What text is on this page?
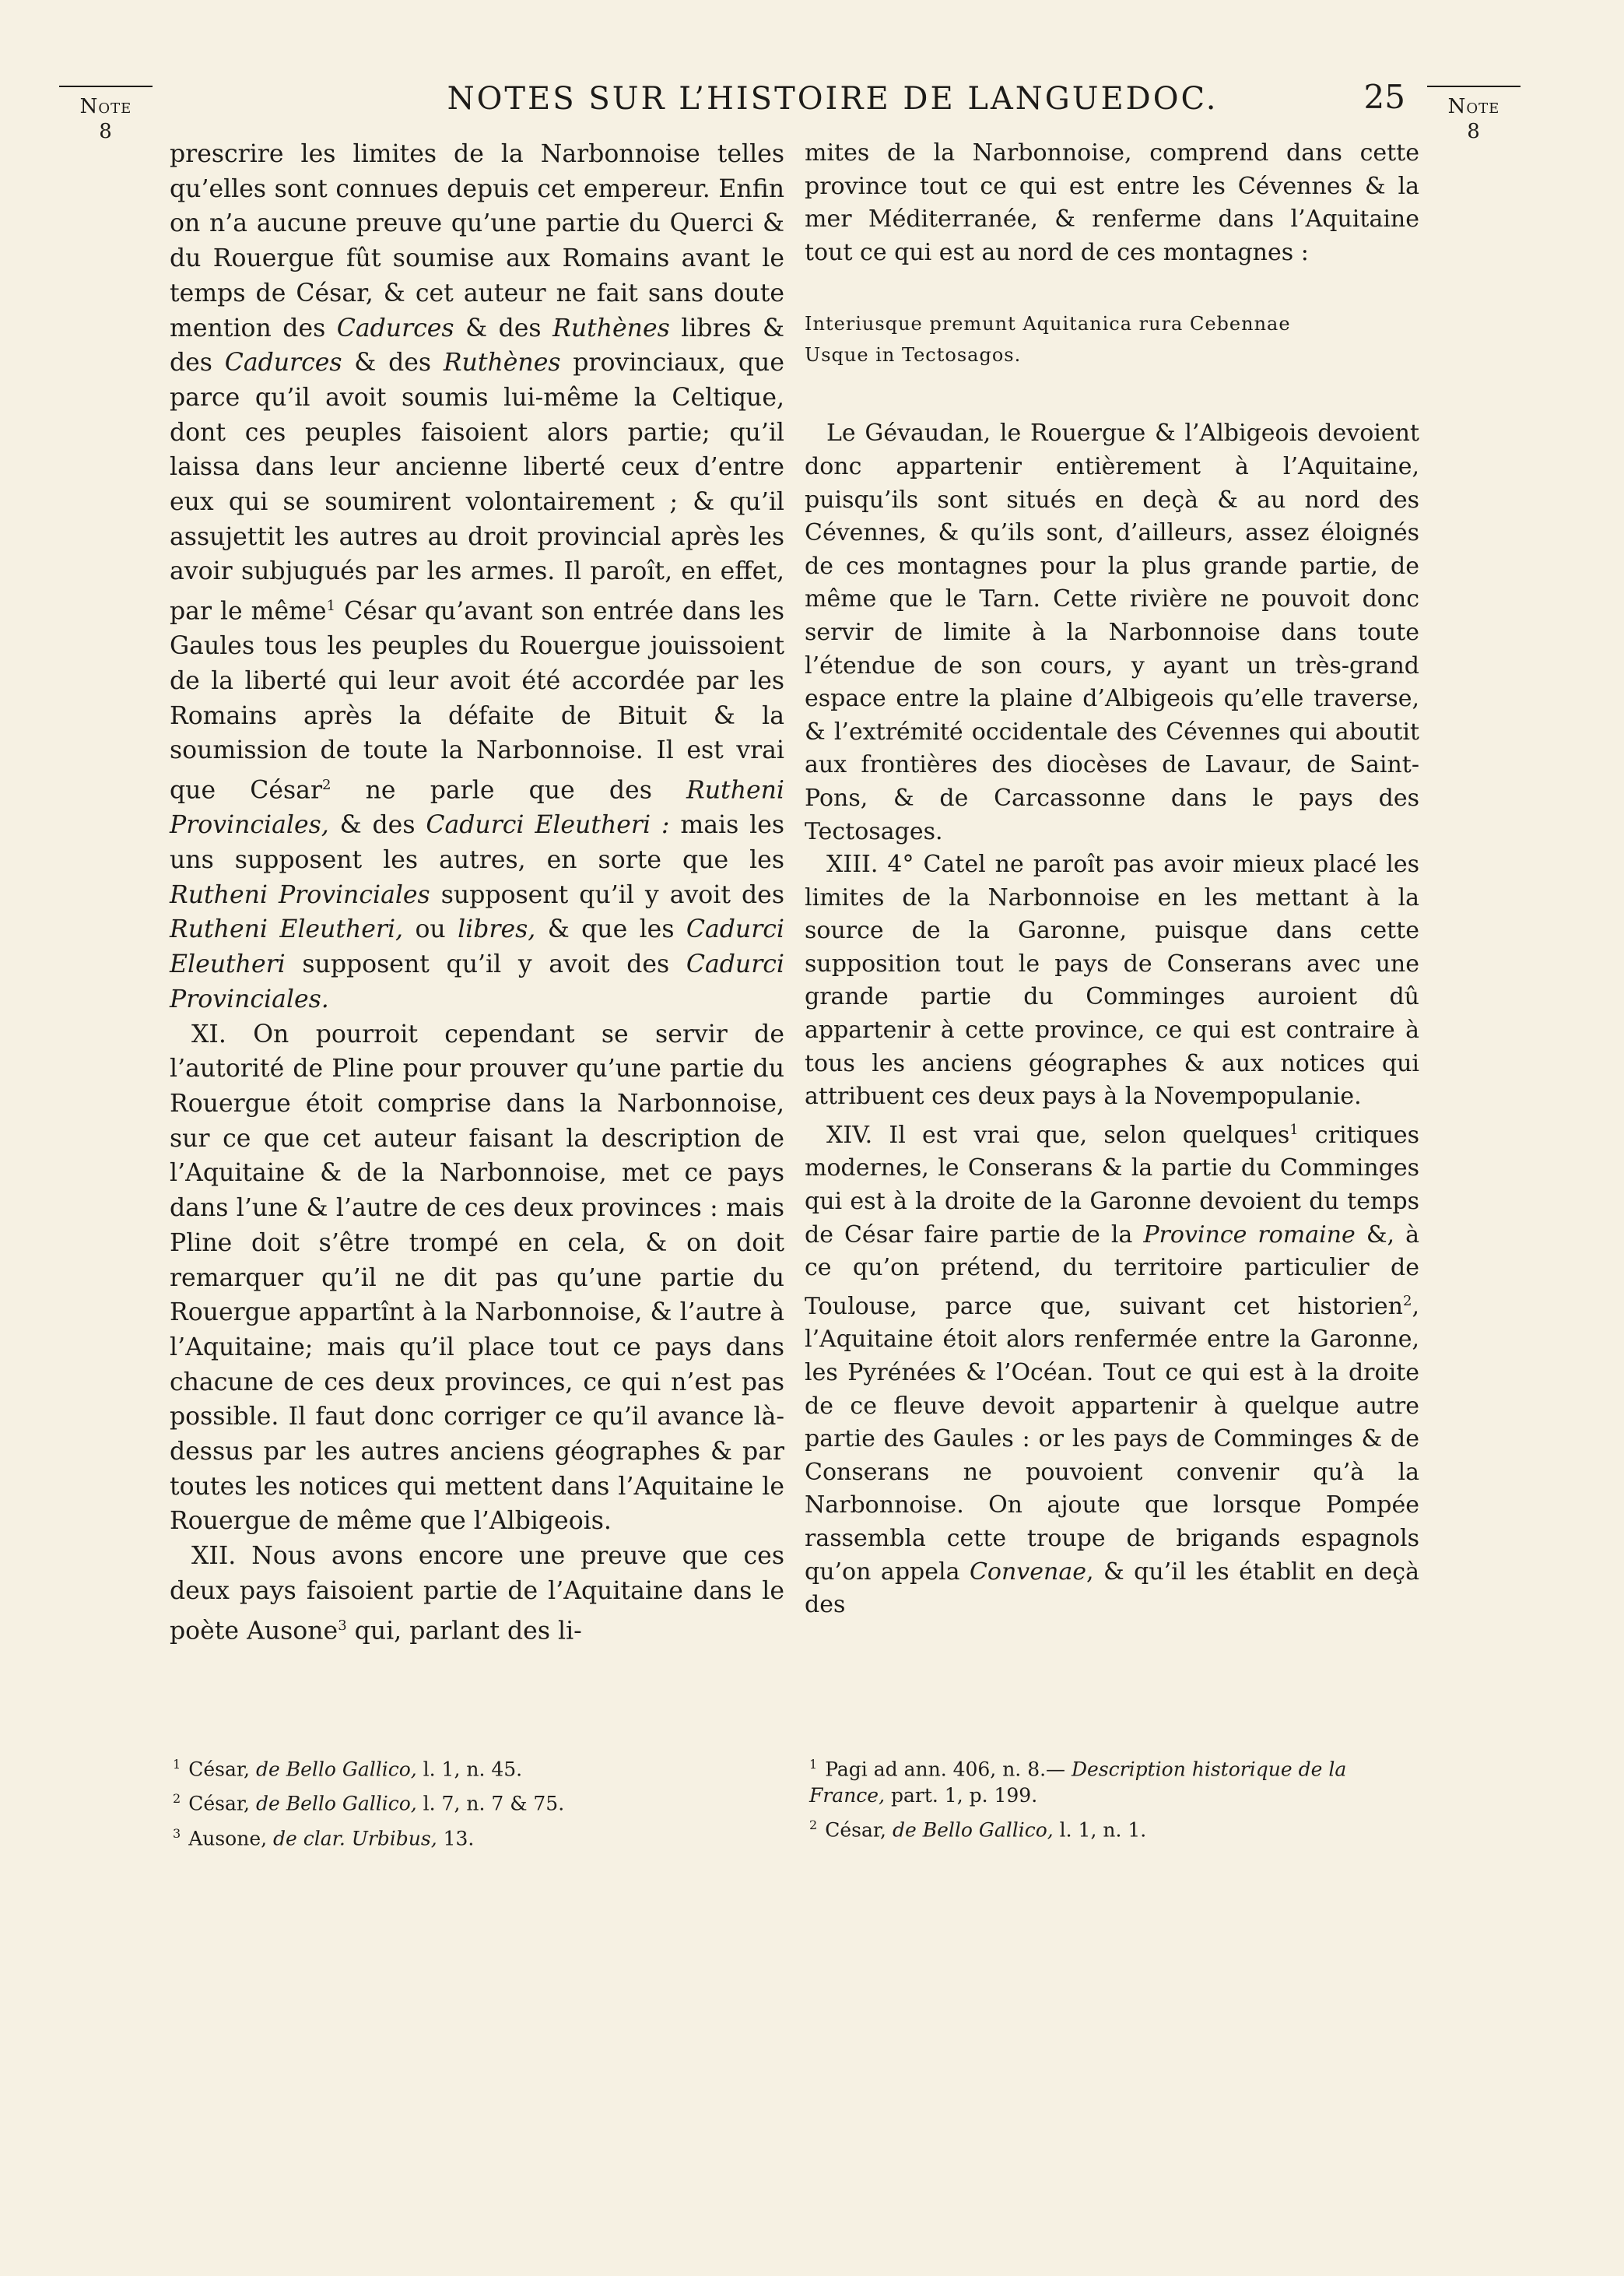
Note
8
NOTES SUR L’HISTOIRE DE LANGUEDOC.	25	Note
8

prescrire les limites de la Narbonnoise telles qu’elles sont connues depuis cet empereur. Enfin on n’a aucune preuve qu’une partie du Querci & du Rouergue fût soumise aux Romains avant le temps de César, & cet auteur ne fait sans doute mention des Cadurces & des Ruthènes libres & des Cadurces & des Ruthènes provinciaux, que parce qu’il avoit soumis lui-même la Celtique, dont ces peuples faisoient alors partie; qu’il laissa dans leur ancienne liberté ceux d’entre eux qui se soumirent volontairement ; & qu’il assujettit les autres au droit provincial après les avoir subjugués par les armes. Il paroît, en effet, par le même$^1$ César qu’avant son entrée dans les Gaules tous les peuples du Rouergue jouissoient de la liberté qui leur avoit été accordée par les Romains après la défaite de Bituit & la soumission de toute la Narbonnoise. Il est vrai que César$^2$ ne parle que des Rutheni Provinciales, & des Cadurci Eleutheri : mais les uns supposent les autres, en sorte que les Rutheni Provinciales supposent qu’il y avoit des Rutheni Eleutheri, ou libres, & que les Cadurci Eleutheri supposent qu’il y avoit des Cadurci Provinciales.

XI. On pourroit cependant se servir de l’autorité de Pline pour prouver qu’une partie du Rouergue étoit comprise dans la Narbonnoise, sur ce que cet auteur faisant la description de l’Aquitaine & de la Narbonnoise, met ce pays dans l’une & l’autre de ces deux provinces : mais Pline doit s’être trompé en cela, & on doit remarquer qu’il ne dit pas qu’une partie du Rouergue appartînt à la Narbonnoise, & l’autre à l’Aquitaine; mais qu’il place tout ce pays dans chacune de ces deux provinces, ce qui n’est pas possible. Il faut donc corriger ce qu’il avance là-dessus par les autres anciens géographes & par toutes les notices qui mettent dans l’Aquitaine le Rouergue de même que l’Albigeois.

XII. Nous avons encore une preuve que ces deux pays faisoient partie de l’Aquitaine dans le poète Ausone$^3$ qui, parlant des li-

mites de la Narbonnoise, comprend dans cette province tout ce qui est entre les Cévennes & la mer Méditerranée, & renferme dans l’Aquitaine tout ce qui est au nord de ces montagnes :

Interiusque premunt Aquitanica rura Cebennae
Usque in Tectosagos.

Le Gévaudan, le Rouergue & l’Albigeois devoient donc appartenir entièrement à l’Aquitaine, puisqu’ils sont situés en deçà & au nord des Cévennes, & qu’ils sont, d’ailleurs, assez éloignés de ces montagnes pour la plus grande partie, de même que le Tarn. Cette rivière ne pouvoit donc servir de limite à la Narbonnoise dans toute l’étendue de son cours, y ayant un très-grand espace entre la plaine d’Albigeois qu’elle traverse, & l’extrémité occidentale des Cévennes qui aboutit aux frontières des diocèses de Lavaur, de Saint-Pons, & de Carcassonne dans le pays des Tectosages.

XIII. 4° Catel ne paroît pas avoir mieux placé les limites de la Narbonnoise en les mettant à la source de la Garonne, puisque dans cette supposition tout le pays de Conserans avec une grande partie du Comminges auroient dû appartenir à cette province, ce qui est contraire à tous les anciens géographes & aux notices qui attribuent ces deux pays à la Novempopulanie.

XIV. Il est vrai que, selon quelques$^1$ critiques modernes, le Conserans & la partie du Comminges qui est à la droite de la Garonne devoient du temps de César faire partie de la Province romaine &, à ce qu’on prétend, du territoire particulier de Toulouse, parce que, suivant cet historien$^2$, l’Aquitaine étoit alors renfermée entre la Garonne, les Pyrénées & l’Océan. Tout ce qui est à la droite de ce fleuve devoit appartenir à quelque autre partie des Gaules : or les pays de Comminges & de Conserans ne pouvoient convenir qu’à la Narbonnoise. On ajoute que lorsque Pompée rassembla cette troupe de brigands espagnols qu’on appela Convenae, & qu’il les établit en deçà des

$^1$ César, de Bello Gallico, l. 1, n. 45.
$^2$ César, de Bello Gallico, l. 7, n. 7 & 75.
$^3$ Ausone, de clar. Urbibus, 13.
$^1$ Pagi ad ann. 406, n. 8.— Description historique de la France, part. 1, p. 199.
$^2$ César, de Bello Gallico, l. 1, n. 1.
